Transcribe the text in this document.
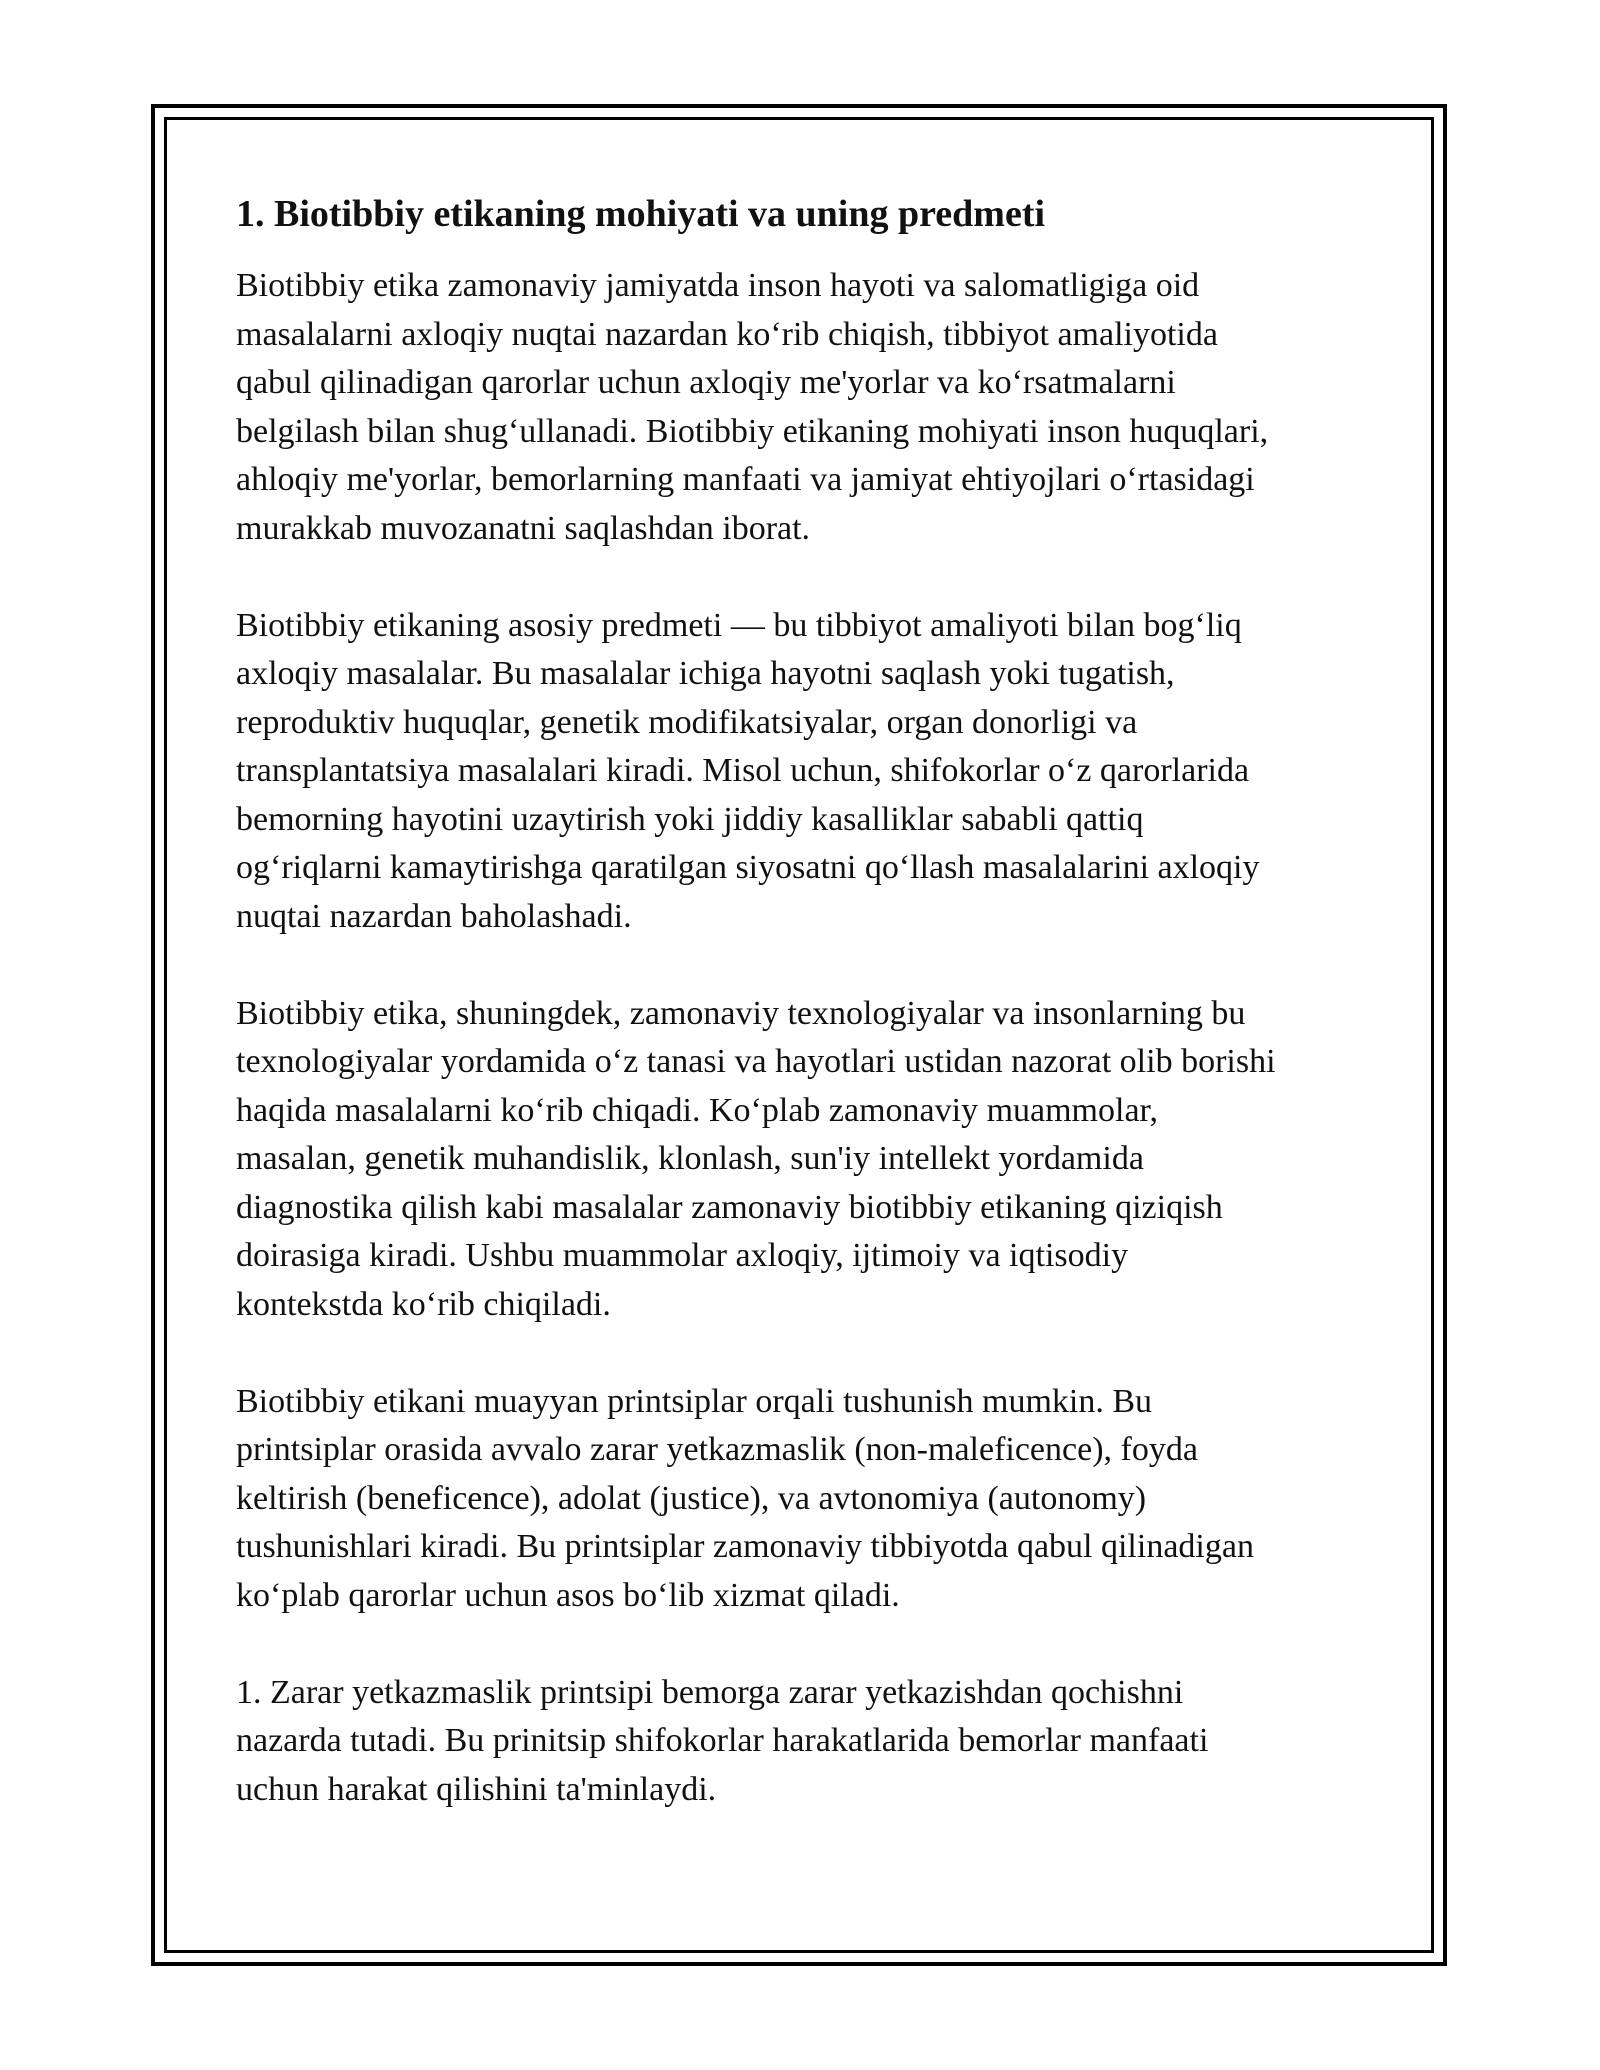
1. Biotibbiy etikaning mohiyati va uning predmeti

Biotibbiy etika zamonaviy jamiyatda inson hayoti va salomatligiga oid
masalalarni axloqiy nuqtai nazardan ko‘rib chiqish, tibbiyot amaliyotida
qabul qilinadigan qarorlar uchun axloqiy me'yorlar va ko‘rsatmalarni
belgilash bilan shug‘ullanadi. Biotibbiy etikaning mohiyati inson huquqlari,
ahloqiy me'yorlar, bemorlarning manfaati va jamiyat ehtiyojlari o‘rtasidagi
murakkab muvozanatni saqlashdan iborat.

Biotibbiy etikaning asosiy predmeti — bu tibbiyot amaliyoti bilan bog‘liq
axloqiy masalalar. Bu masalalar ichiga hayotni saqlash yoki tugatish,
reproduktiv huquqlar, genetik modifikatsiyalar, organ donorligi va
transplantatsiya masalalari kiradi. Misol uchun, shifokorlar o‘z qarorlarida
bemorning hayotini uzaytirish yoki jiddiy kasalliklar sababli qattiq
og‘riqlarni kamaytirishga qaratilgan siyosatni qo‘llash masalalarini axloqiy
nuqtai nazardan baholashadi.

Biotibbiy etika, shuningdek, zamonaviy texnologiyalar va insonlarning bu
texnologiyalar yordamida o‘z tanasi va hayotlari ustidan nazorat olib borishi
haqida masalalarni ko‘rib chiqadi. Ko‘plab zamonaviy muammolar,
masalan, genetik muhandislik, klonlash, sun'iy intellekt yordamida
diagnostika qilish kabi masalalar zamonaviy biotibbiy etikaning qiziqish
doirasiga kiradi. Ushbu muammolar axloqiy, ijtimoiy va iqtisodiy
kontekstda ko‘rib chiqiladi.

Biotibbiy etikani muayyan printsiplar orqali tushunish mumkin. Bu
printsiplar orasida avvalo zarar yetkazmaslik (non-maleficence), foyda
keltirish (beneficence), adolat (justice), va avtonomiya (autonomy)
tushunishlari kiradi. Bu printsiplar zamonaviy tibbiyotda qabul qilinadigan
ko‘plab qarorlar uchun asos bo‘lib xizmat qiladi.

1. Zarar yetkazmaslik printsipi bemorga zarar yetkazishdan qochishni
nazarda tutadi. Bu prinitsip shifokorlar harakatlarida bemorlar manfaati
uchun harakat qilishini ta'minlaydi.
